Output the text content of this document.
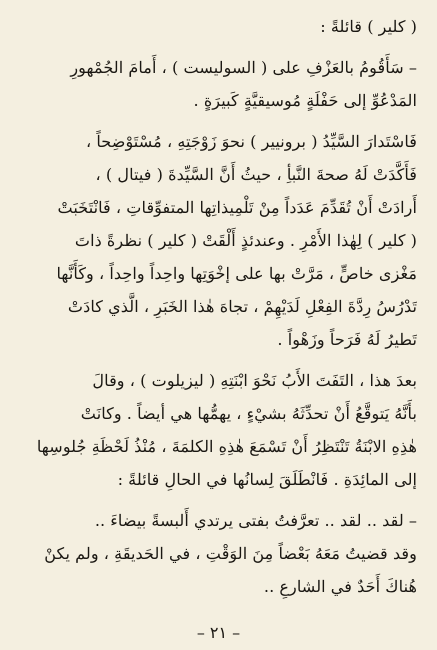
( كلير ) قائلةً :
– سَأَقُومُ بالعَزْفِ على ( السوليست ) ، أَمامَ الجُمْهورِ
المَدْعُوِّ إلى حَفْلَةٍ مُوسيقيَّةٍ كَبيرَةٍ .
فَاسْتَدارَ السَّيِّدُ ( برونيير ) نحوَ زَوْجَتِهِ ، مُسْتَوْضِحاً ،
فَأَكَّدَتْ لَهُ صحةَ النَّبأِ ، حيثُ أَنَّ السَّيِّدةَ ( فيتال ) ،
أَرادَتْ أَنْ تُقَدِّمَ عَدَداً مِنْ تَلْمِيذاتِها المتفوِّقاتِ ، فَانْتَخَبَتْ
( كلير ) لِهٰذا الأَمْرِ . وعندئذٍ أَلْقَتْ ( كلير ) نظرةً ذاتَ
مَغْزى خاصٍّ ، مَرَّتْ بها على إخْوَتِها واحِداً واحِداً ، وكَأَنَّها
تَدْرُسُ رِدَّةَ الفِعْلِ لَدَيْهِمْ ، تجاهَ هٰذا الخَبَرِ ، الَّذي كادَتْ
تَطيرُ لَهُ فَرَحاً وزَهْواً .
بعدَ هذا ، التَفَتَ الأَبُ نَحْوَ ابْنَتِهِ ( ليزيلوت ) ، وقالَ
بأَنَّهُ يَتوقَّعُ أَنْ تحدِّثَهُ بشيْءٍ ، يهمُّها هي أيضاً . وكانَتْ
هٰذِهِ الابْنَةُ تَنْتَظِرُ أَنْ تَسْمَعَ هٰذِهِ الكلمَةَ ، مُنْذُ لَحْظَةِ جُلوسِها
إلى المائِدَةِ . فَانْطَلَقَ لِسانُها في الحالِ قائلةً :
– لقد .. لقد .. تعرَّفتُ بفتى يرتدي أَلبسةً بيضاءَ ..
وقد قضيتُ مَعَهُ بَعْضاً مِنَ الوَقْتِ ، في الحَديقَةِ ، ولم يكنْ
هُناكَ أَحَدٌ في الشارعِ ..
– ٢١ –
